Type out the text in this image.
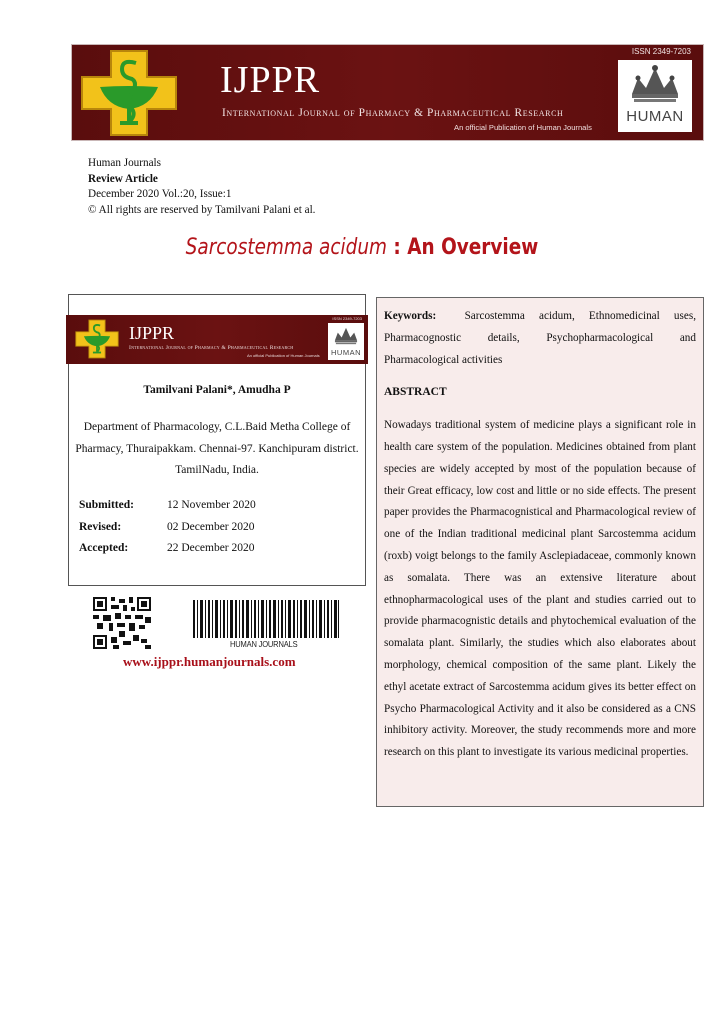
IJPPR
International Journal of Pharmacy & Pharmaceutical Research
An official Publication of Human Journals
ISSN 2349-7203
HUMAN
Human Journals
Review Article
December 2020 Vol.:20, Issue:1
© All rights are reserved by Tamilvani Palani et al.
Sarcostemma acidum : An Overview
IJPPR
International Journal of Pharmacy & Pharmaceutical Research
An official Publication of Human Journals
ISSN 2349-7203
HUMAN
Tamilvani Palani*, Amudha P
Department of Pharmacology, C.L.Baid Metha College of Pharmacy, Thuraipakkam. Chennai-97. Kanchipuram district. TamilNadu, India.
Submitted:	12 November 2020
Revised:	02 December 2020
Accepted:	22 December 2020
HUMAN JOURNALS
www.ijppr.humanjournals.com

Keywords:	Sarcostemma acidum, Ethnomedicinal uses, Pharmacognostic details, Psychopharmacological and Pharmacological activities

ABSTRACT

Nowadays traditional system of medicine plays a significant role in health care system of the population. Medicines obtained from plant species are widely accepted by most of the population because of their Great efficacy, low cost and little or no side effects. The present paper provides the Pharmacognistical and Pharmacological review of one of the Indian traditional medicinal plant Sarcostemma acidum (roxb) voigt belongs to the family Asclepiadaceae, commonly known as somalata. There was an extensive literature about ethnopharmacological uses of the plant and studies carried out to provide pharmacognistic details and phytochemical evaluation of the somalata plant. Similarly, the studies which also elaborates about morphology, chemical composition of the same plant. Likely the ethyl acetate extract of Sarcostemma acidum gives its better effect on Psycho Pharmacological Activity and it also be considered as a CNS inhibitory activity. Moreover, the study recommends more and more research on this plant to investigate its various medicinal properties.
